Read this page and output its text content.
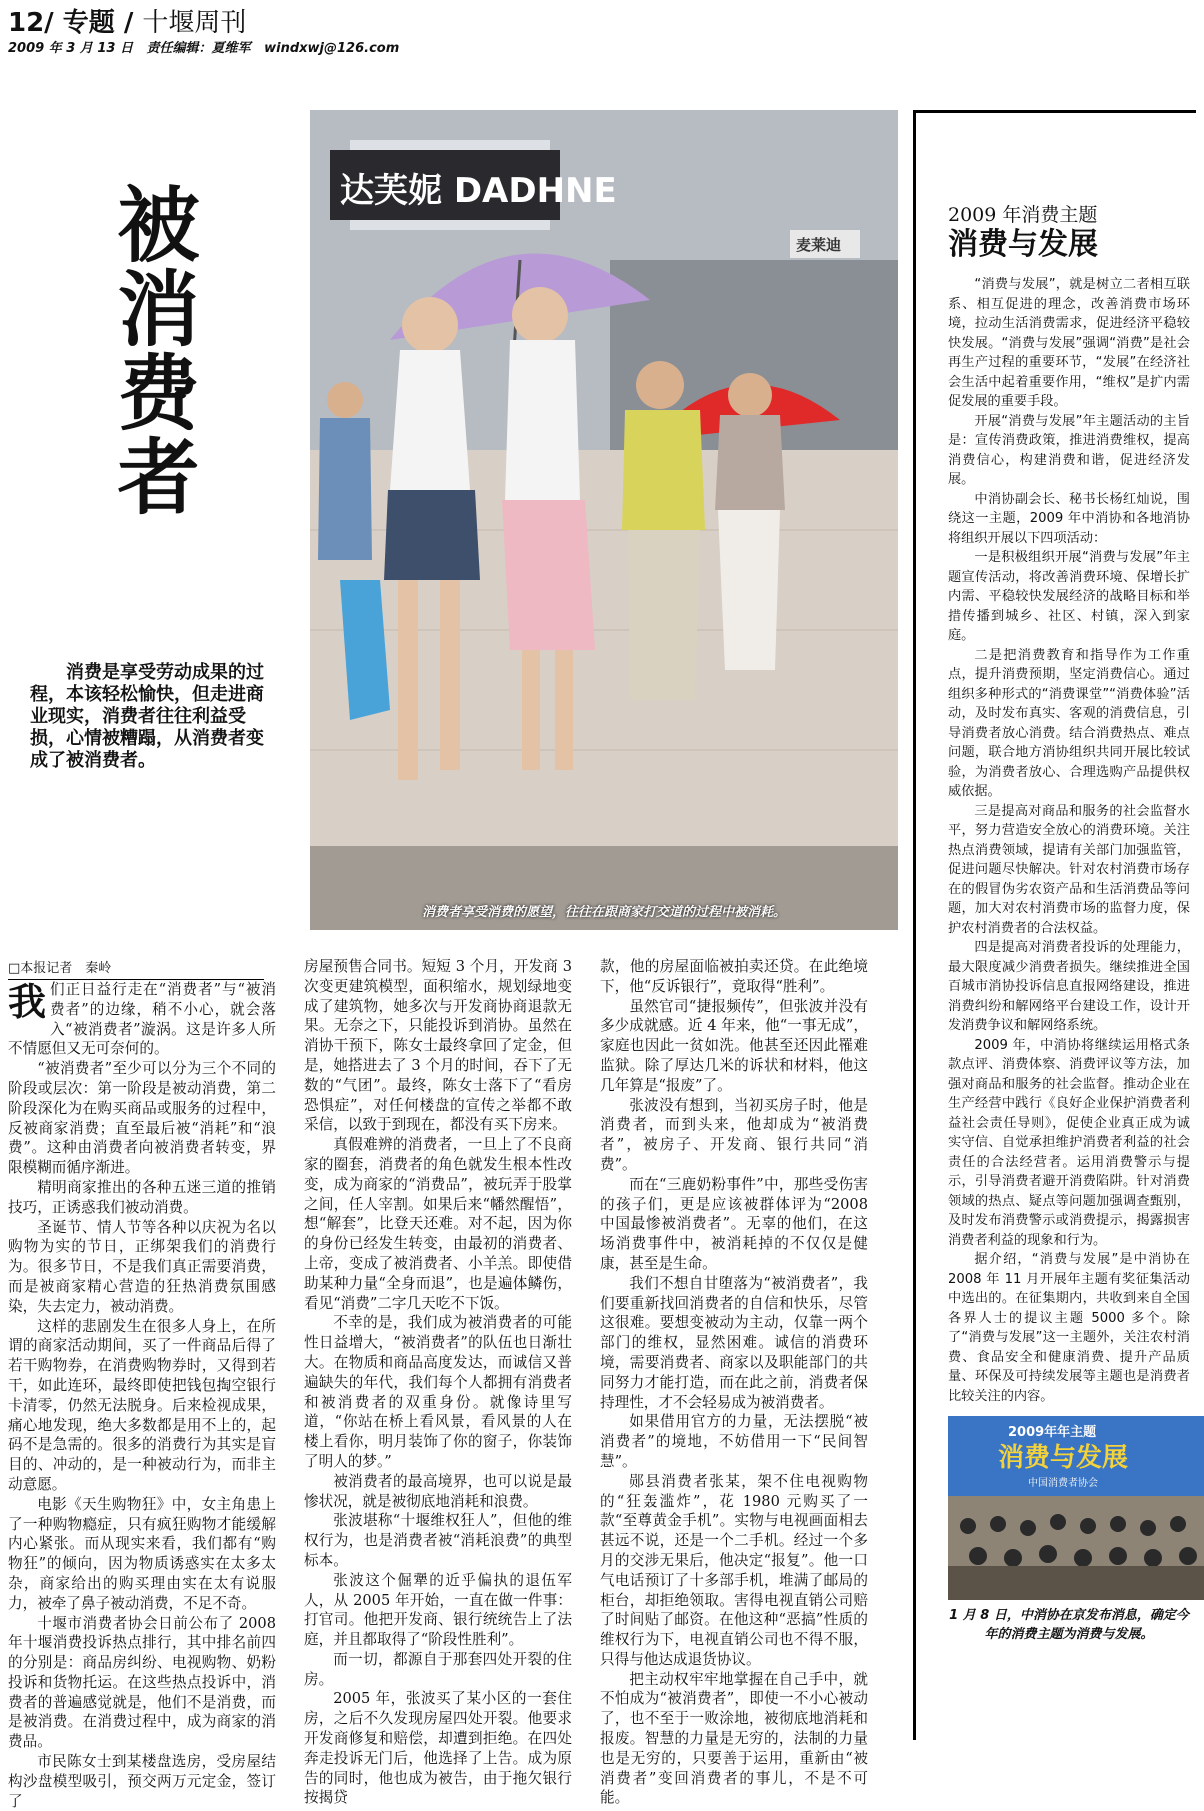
12/ 专题 / 十堰周刊
2009 年 3 月 13 日 责任编辑：夏维军 windxwj@126.com
被消费者
消费是享受劳动成果的过程，本该轻松愉快，但走进商业现实，消费者往往利益受损，心情被糟蹋，从消费者变成了被消费者。
达芙妮 DADHNE
麦莱迪
消费者享受消费的愿望，往往在跟商家打交道的过程中被消耗。
□本报记者　秦岭

我们正日益行走在“消费者”与“被消费者”的边缘，稍不小心，就会落入“被消费者”漩涡。这是许多人所不情愿但又无可奈何的。

“被消费者”至少可以分为三个不同的阶段或层次：第一阶段是被动消费，第二阶段深化为在购买商品或服务的过程中，反被商家消费；直至最后被“消耗”和“浪费”。这种由消费者向被消费者转变，界限模糊而循序渐进。

精明商家推出的各种五迷三道的推销技巧，正诱惑我们被动消费。

圣诞节、情人节等各种以庆祝为名以购物为实的节日，正绑架我们的消费行为。很多节日，不是我们真正需要消费，而是被商家精心营造的狂热消费氛围感染，失去定力，被动消费。

这样的悲剧发生在很多人身上，在所谓的商家活动期间，买了一件商品后得了若干购物券，在消费购物券时，又得到若干，如此连环，最终即使把钱包掏空银行卡清零，仍然无法脱身。后来检视成果，痛心地发现，绝大多数都是用不上的，起码不是急需的。很多的消费行为其实是盲目的、冲动的，是一种被动行为，而非主动意愿。

电影《天生购物狂》中，女主角患上了一种购物瘾症，只有疯狂购物才能缓解内心紧张。而从现实来看，我们都有“购物狂”的倾向，因为物质诱惑实在太多太杂，商家给出的购买理由实在太有说服力，被牵了鼻子被动消费，不足不奇。

十堰市消费者协会日前公布了 2008 年十堰消费投诉热点排行，其中排名前四的分别是：商品房纠纷、电视购物、奶粉投诉和货物托运。在这些热点投诉中，消费者的普遍感觉就是，他们不是消费，而是被消费。在消费过程中，成为商家的消费品。

市民陈女士到某楼盘选房，受房屋结构沙盘模型吸引，预交两万元定金，签订了

房屋预售合同书。短短 3 个月，开发商 3 次变更建筑模型，面积缩水，规划绿地变成了建筑物，她多次与开发商协商退款无果。无奈之下，只能投诉到消协。虽然在消协干预下，陈女士最终拿回了定金，但是，她搭进去了 3 个月的时间，吞下了无数的“气团”。最终，陈女士落下了“看房恐惧症”，对任何楼盘的宣传之举都不敢采信，以致于到现在，都没有买下房来。

真假难辨的消费者，一旦上了不良商家的圈套，消费者的角色就发生根本性改变，成为商家的“消费品”，被玩弄于股掌之间，任人宰割。如果后来“幡然醒悟”，想“解套”，比登天还难。对不起，因为你的身份已经发生转变，由最初的消费者、上帝，变成了被消费者、小羊羔。即使借助某种力量“全身而退”，也是遍体鳞伤，看见“消费”二字几天吃不下饭。

不幸的是，我们成为被消费者的可能性日益增大，“被消费者”的队伍也日渐壮大。在物质和商品高度发达，而诚信又普遍缺失的年代，我们每个人都拥有消费者和被消费者的双重身份。就像诗里写道，“你站在桥上看风景，看风景的人在楼上看你，明月装饰了你的窗子，你装饰了明人的梦。”

被消费者的最高境界，也可以说是最惨状况，就是被彻底地消耗和浪费。

张波堪称“十堰维权狂人”，但他的维权行为，也是消费者被“消耗浪费”的典型标本。

张波这个倔犟的近乎偏执的退伍军人，从 2005 年开始，一直在做一件事：打官司。他把开发商、银行统统告上了法庭，并且都取得了“阶段性胜利”。

而一切，都源自于那套四处开裂的住房。

2005 年，张波买了某小区的一套住房，之后不久发现房屋四处开裂。他要求开发商修复和赔偿，却遭到拒绝。在四处奔走投诉无门后，他选择了上告。成为原告的同时，他也成为被告，由于拖欠银行按揭贷

款，他的房屋面临被拍卖还贷。在此绝境下，他“反诉银行”，竟取得“胜利”。

虽然官司“捷报频传”，但张波并没有多少成就感。近 4 年来，他“一事无成”，家庭也因此一贫如洗。他甚至还因此罹难监狱。除了厚达几米的诉状和材料，他这几年算是“报废”了。

张波没有想到，当初买房子时，他是消费者，而到头来，他却成为“被消费者”，被房子、开发商、银行共同“消费”。

而在“三鹿奶粉事件”中，那些受伤害的孩子们，更是应该被群体评为“2008 中国最惨被消费者”。无辜的他们，在这场消费事件中，被消耗掉的不仅仅是健康，甚至是生命。

我们不想自甘堕落为“被消费者”，我们要重新找回消费者的自信和快乐，尽管这很难。要想变被动为主动，仅靠一两个部门的维权，显然困难。诚信的消费环境，需要消费者、商家以及职能部门的共同努力才能打造，而在此之前，消费者保持理性，才不会轻易成为被消费者。

如果借用官方的力量，无法摆脱“被消费者”的境地，不妨借用一下“民间智慧”。

郧县消费者张某，架不住电视购物的“狂轰滥炸”，花 1980 元购买了一款“至尊黄金手机”。实物与电视画面相去甚远不说，还是一个二手机。经过一个多月的交涉无果后，他决定“报复”。他一口气电话预订了十多部手机，堆满了邮局的柜台，却拒绝领取。害得电视直销公司赔了时间贴了邮资。在他这种“恶搞”性质的维权行为下，电视直销公司也不得不服，只得与他达成退货协议。

把主动权牢牢地掌握在自己手中，就不怕成为“被消费者”，即使一不小心被动了，也不至于一败涂地，被彻底地消耗和报废。智慧的力量是无穷的，法制的力量也是无穷的，只要善于运用，重新由“被消费者”变回消费者的事儿，不是不可能。

2009 年消费主题
消费与发展

“消费与发展”，就是树立二者相互联系、相互促进的理念，改善消费市场环境，拉动生活消费需求，促进经济平稳较快发展。“消费与发展”强调“消费”是社会再生产过程的重要环节，“发展”在经济社会生活中起着重要作用，“维权”是扩内需促发展的重要手段。

开展“消费与发展”年主题活动的主旨是：宣传消费政策，推进消费维权，提高消费信心，构建消费和谐，促进经济发展。

中消协副会长、秘书长杨红灿说，围绕这一主题，2009 年中消协和各地消协将组织开展以下四项活动：

一是积极组织开展“消费与发展”年主题宣传活动，将改善消费环境、保增长扩内需、平稳较快发展经济的战略目标和举措传播到城乡、社区、村镇，深入到家庭。

二是把消费教育和指导作为工作重点，提升消费预期，坚定消费信心。通过组织多种形式的“消费课堂”“消费体验”活动，及时发布真实、客观的消费信息，引导消费者放心消费。结合消费热点、难点问题，联合地方消协组织共同开展比较试验，为消费者放心、合理选购产品提供权威依据。

三是提高对商品和服务的社会监督水平，努力营造安全放心的消费环境。关注热点消费领域，提请有关部门加强监管，促进问题尽快解决。针对农村消费市场存在的假冒伪劣农资产品和生活消费品等问题，加大对农村消费市场的监督力度，保护农村消费者的合法权益。

四是提高对消费者投诉的处理能力，最大限度减少消费者损失。继续推进全国百城市消协投诉信息直报网络建设，推进消费纠纷和解网络平台建设工作，设计开发消费争议和解网络系统。

2009 年，中消协将继续运用格式条款点评、消费体察、消费评议等方法，加强对商品和服务的社会监督。推动企业在生产经营中践行《良好企业保护消费者利益社会责任导则》，促使企业真正成为诚实守信、自觉承担维护消费者利益的社会责任的合法经营者。运用消费警示与提示，引导消费者避开消费陷阱。针对消费领域的热点、疑点等问题加强调查甄别，及时发布消费警示或消费提示，揭露损害消费者利益的现象和行为。

据介绍，“消费与发展”是中消协在 2008 年 11 月开展年主题有奖征集活动中选出的。在征集期内，共收到来自全国各界人士的提议主题 5000 多个。除了“消费与发展”这一主题外，关注农村消费、食品安全和健康消费、提升产品质量、环保及可持续发展等主题也是消费者比较关注的内容。

2009年年主题
消费与发展
中国消费者协会
1 月 8 日，中消协在京发布消息，确定今年的消费主题为消费与发展。
